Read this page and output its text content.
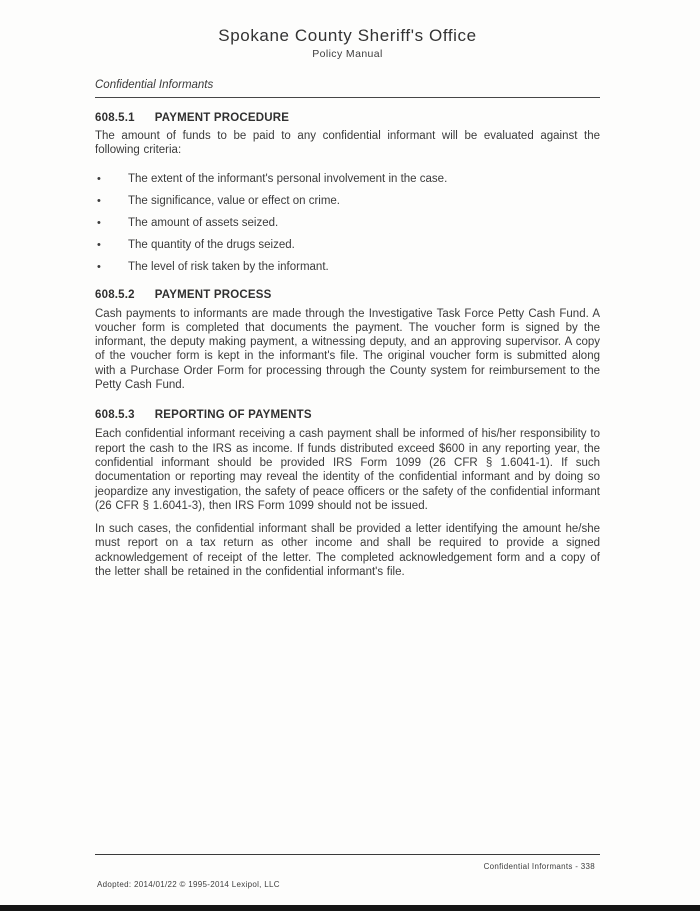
Spokane County Sheriff's Office
Policy Manual
Confidential Informants
608.5.1 PAYMENT PROCEDURE

The amount of funds to be paid to any confidential informant will be evaluated against the following criteria:

• The extent of the informant's personal involvement in the case.
• The significance, value or effect on crime.
• The amount of assets seized.
• The quantity of the drugs seized.
• The level of risk taken by the informant.
608.5.2 PAYMENT PROCESS

Cash payments to informants are made through the Investigative Task Force Petty Cash Fund. A voucher form is completed that documents the payment. The voucher form is signed by the informant, the deputy making payment, a witnessing deputy, and an approving supervisor. A copy of the voucher form is kept in the informant's file. The original voucher form is submitted along with a Purchase Order Form for processing through the County system for reimbursement to the Petty Cash Fund.

608.5.3 REPORTING OF PAYMENTS

Each confidential informant receiving a cash payment shall be informed of his/her responsibility to report the cash to the IRS as income. If funds distributed exceed $600 in any reporting year, the confidential informant should be provided IRS Form 1099 (26 CFR § 1.6041-1). If such documentation or reporting may reveal the identity of the confidential informant and by doing so jeopardize any investigation, the safety of peace officers or the safety of the confidential informant (26 CFR § 1.6041-3), then IRS Form 1099 should not be issued.

In such cases, the confidential informant shall be provided a letter identifying the amount he/she must report on a tax return as other income and shall be required to provide a signed acknowledgement of receipt of the letter. The completed acknowledgement form and a copy of the letter shall be retained in the confidential informant's file.

Confidential Informants - 338
Adopted: 2014/01/22 © 1995-2014 Lexipol, LLC
